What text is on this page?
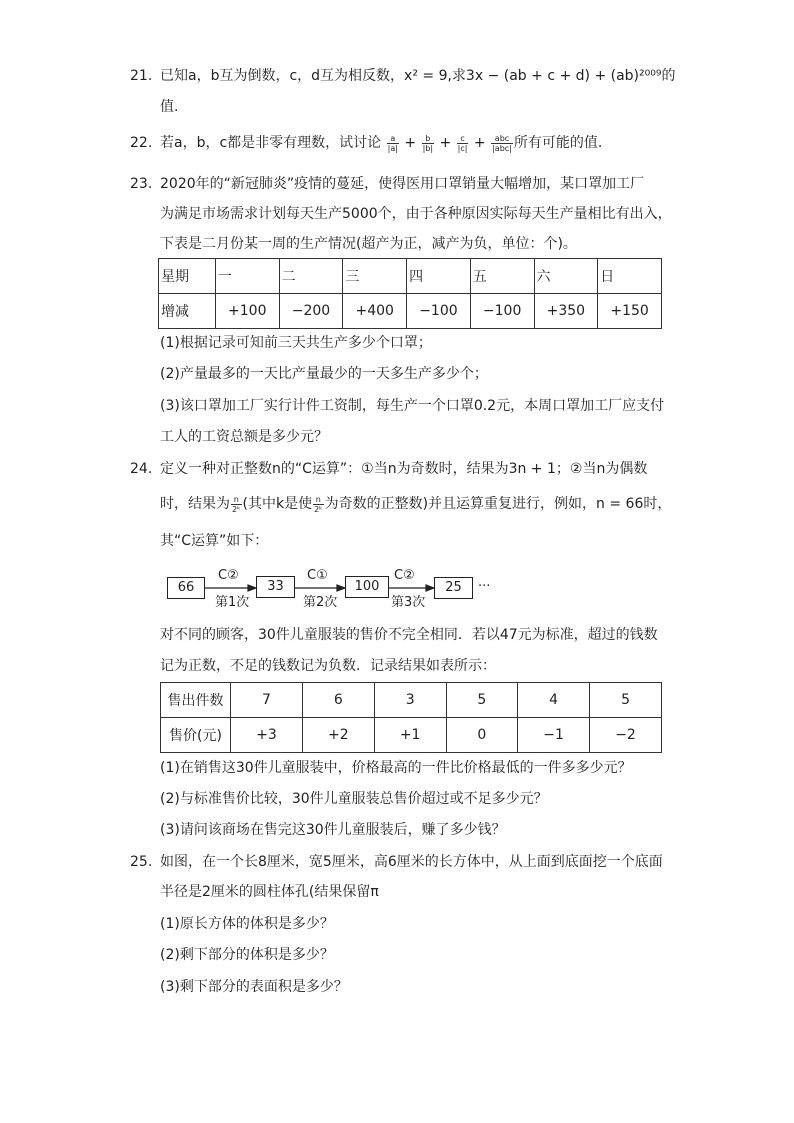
21. 已知a，b互为倒数，c，d互为相反数，x² = 9,求3x − (ab + c + d) + (ab)²⁰⁰⁹的
值.
22. 若a，b，c都是非零有理数，试讨论 $\frac{a}{|a|} + \frac{b}{|b|} + \frac{c}{|c|} + \frac{\text{abc}}{\text{|abc|}}$ 所有可能的值.
23. 2020年的“新冠肺炎”疫情的蔓延，使得医用口罩销量大幅增加，某口罩加工厂
为满足市场需求计划每天生产5000个，由于各种原因实际每天生产量相比有出入，
下表是二月份某一周的生产情况(超产为正，减产为负，单位：个)。
星期	一	二	三	四	五	六	日
增减	+100	−200	+400	−100	−100	+350	+150
(1)根据记录可知前三天共生产多少个口罩；
(2)产量最多的一天比产量最少的一天多生产多少个；
(3)该口罩加工厂实行计件工资制，每生产一个口罩0.2元，本周口罩加工厂应支付
工人的工资总额是多少元？
24. 定义一种对正整数n的“C运算”：①当n为奇数时，结果为3n + 1；②当n为偶数
时，结果为 $\frac{n}{\text{2ᵏ}}$ (其中k是使 $\frac{n}{\text{2ᵏ}}$ 为奇数的正整数)并且运算重复进行，例如，n = 66时，
其“C运算”如下：
66	33	100	25
C②
第1次
C①
第2次
C②
第3次
···
对不同的顾客，30件儿童服装的售价不完全相同．若以47元为标准，超过的钱数
记为正数，不足的钱数记为负数．记录结果如表所示：
售出件数	7	6	3	5	4	5
售价(元)	+3	+2	+1	0	−1	−2
(1)在销售这30件儿童服装中，价格最高的一件比价格最低的一件多多少元？
(2)与标准售价比较，30件儿童服装总售价超过或不足多少元？
(3)请问该商场在售完这30件儿童服装后，赚了多少钱？
25. 如图，在一个长8厘米，宽5厘米，高6厘米的长方体中，从上面到底面挖一个底面
半径是2厘米的圆柱体孔(结果保留π
(1)原长方体的体积是多少？
(2)剩下部分的体积是多少？
(3)剩下部分的表面积是多少？
